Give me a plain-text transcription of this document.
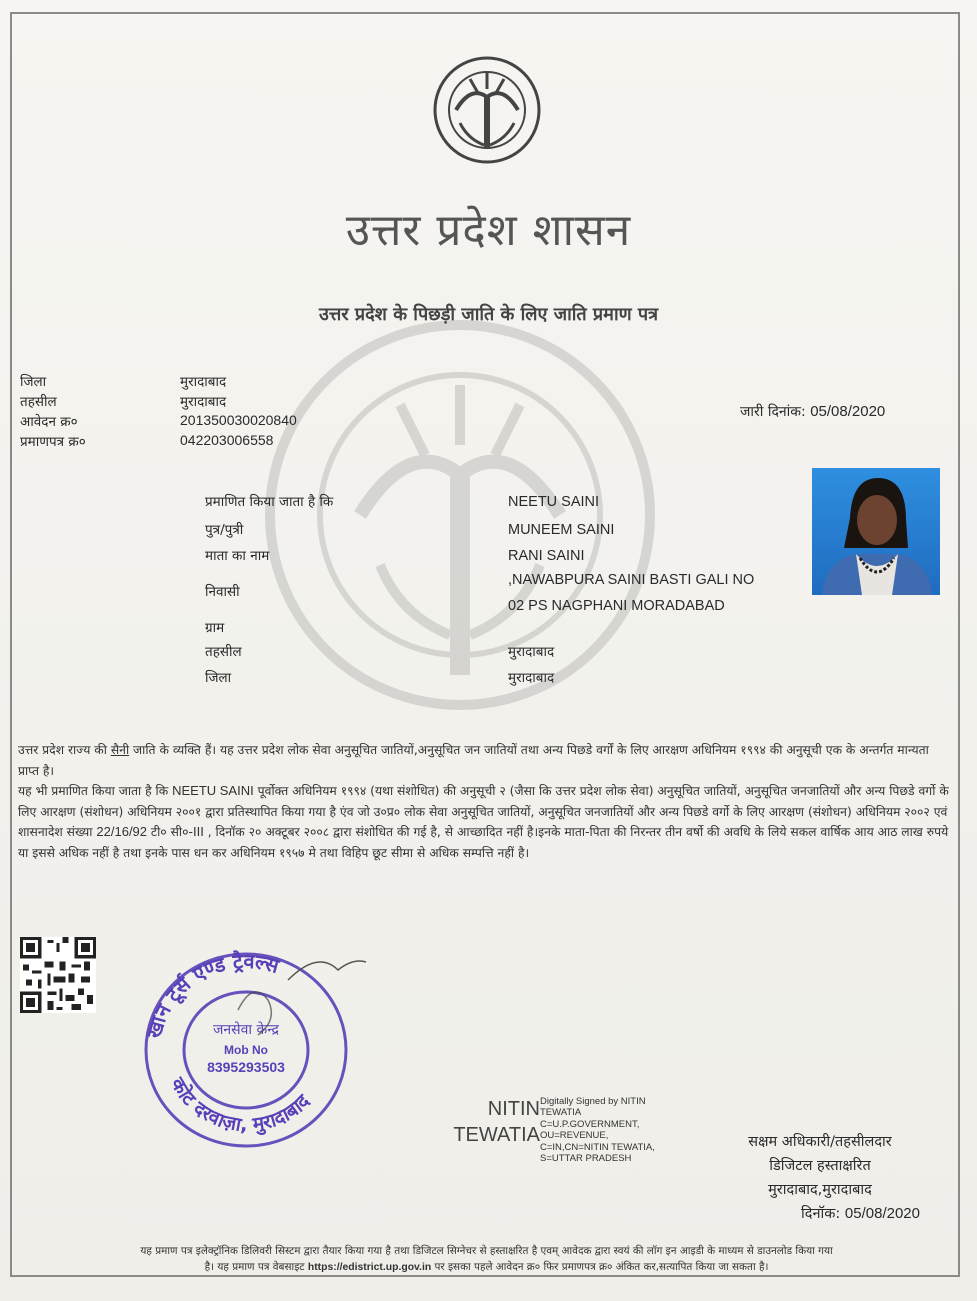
उत्तर प्रदेश शासन
उत्तर प्रदेश के पिछड़ी जाति के लिए जाति प्रमाण पत्र
जिला	मुरादाबाद
तहसील	मुरादाबाद
आवेदन क्र०	201350030020840
प्रमाणपत्र क्र०	042203006558
जारी दिनांक: 05/08/2020
प्रमाणित किया जाता है कि	NEETU SAINI
पुत्र/पुत्री	MUNEEM SAINI
माता का नाम	RANI SAINI
निवासी
,NAWABPURA SAINI BASTI GALI NO
02 PS NAGPHANI MORADABAD
ग्राम
तहसील	मुरादाबाद
जिला	मुरादाबाद
उत्तर प्रदेश राज्य की सैनी जाति के व्यक्ति हैं। यह उत्तर प्रदेश लोक सेवा अनुसूचित जातियों,अनुसूचित जन जातियों तथा अन्य पिछडे वर्गों के लिए आरक्षण अधिनियम १९९४ की अनुसूची एक के अन्तर्गत मान्यता प्राप्त है।
यह भी प्रमाणित किया जाता है कि NEETU SAINI पूर्वोक्त अधिनियम १९९४ (यथा संशोधित) की अनुसूची २ (जैसा कि उत्तर प्रदेश लोक सेवा) अनुसूचित जातियों, अनुसूचित जनजातियों और अन्य पिछडे वर्गो के लिए आरक्षण (संशोधन) अधिनियम २००१ द्वारा प्रतिस्थापित किया गया है एंव जो उ०प्र० लोक सेवा अनुसूचित जातियों, अनुसूचित जनजातियों और अन्य पिछडे वर्गो के लिए आरक्षण (संशोधन) अधिनियम २००२ एवं शासनादेश संख्या 22/16/92 टी० सी०-III , दिनॉक २० अक्टूबर २००८ द्वारा संशोधित की गई है, से आच्छादित नहीं है।इनके माता-पिता की निरन्तर तीन वर्षो की अवधि के लिये सकल वार्षिक आय आठ लाख रुपये या इससे अधिक नहीं है तथा इनके पास धन कर अधिनियम १९५७ मे तथा विहिप छूट सीमा से अधिक सम्पत्ति नहीं है।
खान टूर्स एण्ड ट्रैवल्स
कोट दरवाज़ा, मुरादाबाद
जनसेवा केन्द्र
Mob No
8395293503
NITIN
TEWATIA
Digitally Signed by NITIN
TEWATIA
C=U.P.GOVERNMENT,
OU=REVENUE,
C=IN,CN=NITIN TEWATIA,
S=UTTAR PRADESH
सक्षम अधिकारी/तहसीलदार
डिजिटल हस्ताक्षरित
मुरादाबाद,मुरादाबाद
दिनॉक: 05/08/2020
यह प्रमाण पत्र इलेक्ट्रॉनिक डिलिवरी सिस्टम द्वारा तैयार किया गया है तथा डिजिटल सिग्नेचर से हस्ताक्षरित है एवम् आवेदक द्वारा स्वयं की लॉग इन आइडी के माध्यम से डाउनलोड किया गया
है। यह प्रमाण पत्र वेबसाइट https://edistrict.up.gov.in पर इसका पहले आवेदन क्र० फिर प्रमाणपत्र क्र० अंकित कर,सत्यापित किया जा सकता है।
